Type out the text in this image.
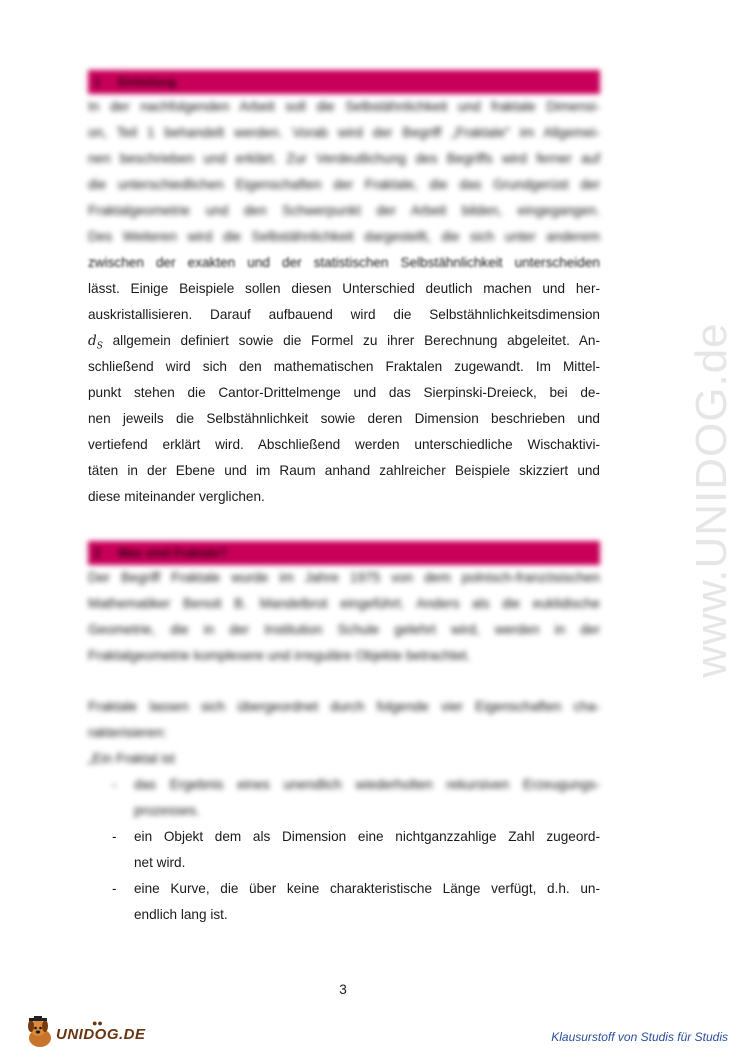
www.UNIDOG.de
1 Einleitung
In der nachfolgenden Arbeit soll die Selbstähnlichkeit und fraktale Dimensi-
on, Teil 1 behandelt werden. Vorab wird der Begriff „Fraktale" im Allgemei-
nen beschrieben und erklärt. Zur Verdeutlichung des Begriffs wird ferner auf
die unterschiedlichen Eigenschaften der Fraktale, die das Grundgerüst der
Fraktalgeometrie und den Schwerpunkt der Arbeit bilden, eingegangen.
Des Weiteren wird die Selbstähnlichkeit dargestellt, die sich unter anderem
zwischen der exakten und der statistischen Selbstähnlichkeit unterscheiden
lässt. Einige Beispiele sollen diesen Unterschied deutlich machen und her-
auskristallisieren. Darauf aufbauend wird die Selbstähnlichkeitsdimension
$d_S$ allgemein definiert sowie die Formel zu ihrer Berechnung abgeleitet. An-
schließend wird sich den mathematischen Fraktalen zugewandt. Im Mittel-
punkt stehen die Cantor-Drittelmenge und das Sierpinski-Dreieck, bei de-
nen jeweils die Selbstähnlichkeit sowie deren Dimension beschrieben und
vertiefend erklärt wird. Abschließend werden unterschiedliche Wischaktivi-
täten in der Ebene und im Raum anhand zahlreicher Beispiele skizziert und
diese miteinander verglichen.
2 Was sind Fraktale?
Der Begriff Fraktale wurde im Jahre 1975 von dem polnisch-französischen
Mathematiker Benoit B. Mandelbrot eingeführt. Anders als die euklidische
Geometrie, die in der Institution Schule gelehrt wird, werden in der
Fraktalgeometrie komplexere und irreguläre Objekte betrachtet.
Fraktale lassen sich übergeordnet durch folgende vier Eigenschaften cha-
rakterisieren:
„Ein Fraktal ist
- das Ergebnis eines unendlich wiederholten rekursiven Erzeugungs-
prozesses.
- ein Objekt dem als Dimension eine nichtganzzahlige Zahl zugeord-
net wird.
- eine Kurve, die über keine charakteristische Länge verfügt, d.h. un-
endlich lang ist.
3
●●
UNIDOG.DE	Klausurstoff von Studis für Studis
